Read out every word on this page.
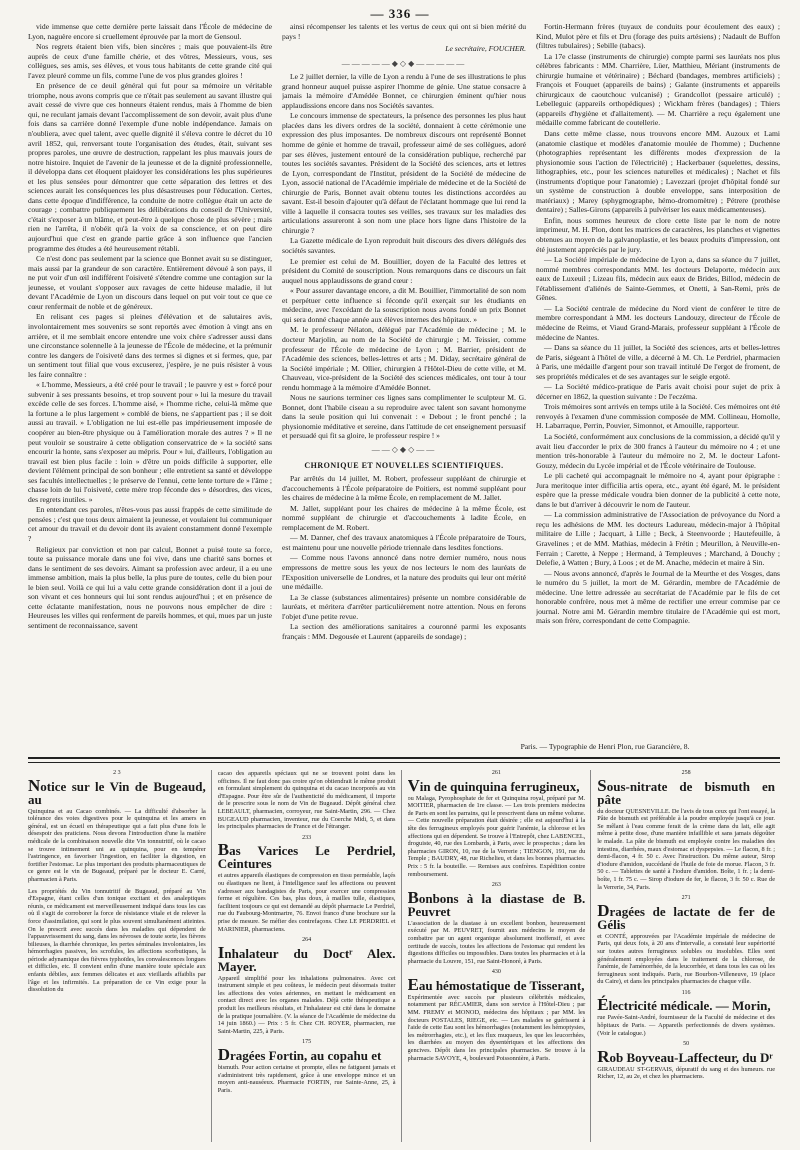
— 336 —

vide immense que cette dernière perte laissait dans l'École de médecine de Lyon, naguère encore si cruellement éprouvée par la mort de Gensoul.

Nos regrets étaient bien vifs, bien sincères ; mais que pouvaient-ils être auprès de ceux d'une famille chérie, et des vôtres, Messieurs, vous, ses collègues, ses amis, ses élèves, et vous tous habitants de cette grande cité qui l'avez pleuré comme un fils, comme l'une de vos plus grandes gloires !

En présence de ce deuil général qui fut pour sa mémoire un véritable triomphe, nous avons compris que ce n'était pas seulement au savant illustre qui avait cessé de vivre que ces honneurs étaient rendus, mais à l'homme de bien qui, ne reculant jamais devant l'accomplissement de son devoir, avait plus d'une fois dans sa carrière donné l'exemple d'une noble indépendance. Jamais on n'oubliera, avec quel talent, avec quelle dignité il s'éleva contre le décret du 10 avril 1852, qui, renversant toute l'organisation des études, était, suivant ses propres paroles, une œuvre de destruction, rappelant les plus mauvais jours de notre histoire. Inquiet de l'avenir de la jeunesse et de la dignité professionnelle, il développa dans cet éloquent plaidoyer les considérations les plus supérieures et les plus sensées pour démontrer que cette séparation des lettres et des sciences aurait les conséquences les plus désastreuses pour l'éducation. Certes, dans cette époque d'indifférence, la conduite de notre collègue était un acte de courage ; combattre publiquement les délibérations du conseil de l'Université, c'était s'exposer à un blâme, et peut-être à quelque chose de plus sévère ; mais rien ne l'arrêta, il n'obéit qu'à la voix de sa conscience, et on peut dire aujourd'hui que c'est en grande partie grâce à son influence que l'ancien programme des études a été heureusement rétabli.

Ce n'est donc pas seulement par la science que Bonnet avait su se distinguer, mais aussi par la grandeur de son caractère. Entièrement dévoué à son pays, il ne put voir d'un œil indifférent l'oisiveté s'étendre comme une contagion sur la jeunesse, et voulant s'opposer aux ravages de cette hideuse maladie, il lut devant l'Académie de Lyon un discours dans lequel on put voir tout ce que ce cœur renfermait de noble et de généreux.

En relisant ces pages si pleines d'élévation et de salutaires avis, involontairement mes souvenirs se sont reportés avec émotion à vingt ans en arrière, et il me semblait encore entendre une voix chère s'adresser aussi dans une circonstance solennelle à la jeunesse de l'École de médecine, et la prémunir contre les dangers de l'oisiveté dans des termes si dignes et si fermes, que, par un sentiment tout filial que vous excuserez, j'espère, je ne puis résister à vous les faire connaître :

« L'homme, Messieurs, a été créé pour le travail ; le pauvre y est » forcé pour subvenir à ses pressants besoins, et trop souvent pour » lui la mesure du travail excède celle de ses forces. L'homme aisé, » l'homme riche, celui-là même que la fortune a le plus largement » comblé de biens, ne s'appartient pas ; il se doit aussi au travail. » L'obligation ne lui est-elle pas impérieusement imposée de coopérer au bien-être physique ou à l'amélioration morale des autres ? » Il ne peut vouloir se soustraire à cette obligation conservatrice de » la société sans encourir la honte, sans s'exposer au mépris. Pour » lui, d'ailleurs, l'obligation au travail est bien plus facile : loin » d'être un poids difficile à supporter, elle devient l'élément principal de son bonheur ; elle entretient sa santé et développe ses facultés intellectuelles ; le préserve de l'ennui, cette lente torture de » l'âme ; chasse loin de lui l'oisiveté, cette mère trop féconde des » désordres, des vices, des regrets inutiles. »

En entendant ces paroles, n'êtes-vous pas aussi frappés de cette similitude de pensées ; c'est que tous deux aimaient la jeunesse, et voulaient lui communiquer cet amour du travail et du devoir dont ils avaient constamment donné l'exemple ?

Religieux par conviction et non par calcul, Bonnet a puisé toute sa force, toute sa puissance morale dans une foi vive, dans une charité sans bornes et dans le sentiment de ses devoirs. Aimant sa profession avec ardeur, il a eu une immense ambition, mais la plus belle, la plus pure de toutes, celle du bien pour le bien seul. Voilà ce qui lui a valu cette grande considération dont il a joui de son vivant et ces honneurs qui lui sont rendus aujourd'hui ; et en présence de cette éclatante manifestation, nous ne pouvons nous empêcher de dire : Heureuses les villes qui renferment de pareils hommes, et qui, mues par un juste sentiment de reconnaissance, savent

ainsi récompenser les talents et les vertus de ceux qui ont si bien mérité du pays !

Le secrétaire, FOUCHER.

—————◆◇◆—————

Le 2 juillet dernier, la ville de Lyon a rendu à l'une de ses illustrations le plus grand honneur auquel puisse aspirer l'homme de génie. Une statue consacre à jamais la mémoire d'Amédée Bonnet, ce chirurgien éminent qu'hier nous applaudissions encore dans nos Sociétés savantes.

Le concours immense de spectateurs, la présence des personnes les plus haut placées dans les divers ordres de la société, donnaient à cette cérémonie une expression des plus imposantes. De nombreux discours ont représenté Bonnet homme de génie et homme de travail, professeur aimé de ses collègues, adoré par ses élèves, justement entouré de la considération publique, recherché par toutes les sociétés savantes. Président de la Société des sciences, arts et lettres de Lyon, correspondant de l'Institut, président de la Société de médecine de Lyon, associé national de l'Académie impériale de médecine et de la Société de chirurgie de Paris, Bonnet avait obtenu toutes les distinctions accordées au savant. Est-il besoin d'ajouter qu'à défaut de l'éclatant hommage que lui rend la ville à laquelle il consacra toutes ses veilles, ses travaux sur les maladies des articulations assureront à son nom une place hors ligne dans l'histoire de la chirurgie ?

La Gazette médicale de Lyon reproduit huit discours des divers délégués des sociétés savantes.

Le premier est celui de M. Bouillier, doyen de la Faculté des lettres et président du Comité de souscription. Nous remarquons dans ce discours un fait auquel nous applaudissons de grand cœur :

« Pour assurer davantage encore, a dit M. Bouillier, l'immortalité de son nom et perpétuer cette influence si féconde qu'il exerçait sur les étudiants en médecine, avec l'excédant de la souscription nous avons fondé un prix Bonnet qui sera donné chaque année aux élèves internes des hôpitaux. »

M. le professeur Nélaton, délégué par l'Académie de médecine ; M. le docteur Marjolin, au nom de la Société de chirurgie ; M. Teissier, comme professeur de l'École de médecine de Lyon ; M. Barrier, président de l'Académie des sciences, belles-lettres et arts ; M. Diday, secrétaire général de la Société impériale ; M. Ollier, chirurgien à l'Hôtel-Dieu de cette ville, et M. Chauveau, vice-président de la Société des sciences médicales, ont tour à tour rendu hommage à la mémoire d'Amédée Bonnet.

Nous ne saurions terminer ces lignes sans complimenter le sculpteur M. G. Bonnet, dont l'habile ciseau a su reproduire avec talent son savant homonyme dans la seule position qui lui convenait : « Debout ; le front penché ; la physionomie méditative et sereine, dans l'attitude de cet enseignement persuasif et persuadé qui fit sa gloire, le professeur respire ! »

——◇◆◇——
CHRONIQUE ET NOUVELLES SCIENTIFIQUES.

Par arrêtés du 14 juillet, M. Robert, professeur suppléant de chirurgie et d'accouchements à l'École préparatoire de Poitiers, est nommé suppléant pour les chaires de médecine à la même École, en remplacement de M. Jallet.

M. Jallet, suppléant pour les chaires de médecine à la même École, est nommé suppléant de chirurgie et d'accouchements à ladite École, en remplacement de M. Robert.

— M. Danner, chef des travaux anatomiques à l'École préparatoire de Tours, est maintenu pour une nouvelle période triennale dans lesdites fonctions.

— Comme nous l'avons annoncé dans notre dernier numéro, nous nous empressons de mettre sous les yeux de nos lecteurs le nom des lauréats de l'Exposition universelle de Londres, et la nature des produits qui leur ont mérité une médaille.

La 3e classe (substances alimentaires) présente un nombre considérable de lauréats, et méritera d'arrêter particulièrement notre attention. Nous en ferons l'objet d'une petite revue.

La section des améliorations sanitaires a couronné parmi les exposants français : MM. Degousée et Laurent (appareils de sondage) ;

Fortin-Hermann frères (tuyaux de conduits pour écoulement des eaux) ; Kind, Mulot père et fils et Dru (forage des puits artésiens) ; Nadault de Buffon (filtres tubulaires) ; Sebille (tabacs).

La 17e classe (instruments de chirurgie) compte parmi ses lauréats nos plus célèbres fabricants : MM. Charrière, Lüer, Matthieu, Mériant (instruments de chirurgie humaine et vétérinaire) ; Béchard (bandages, membres artificiels) ; François et Fouquet (appareils de bains) ; Galante (instruments et appareils chirurgicaux de caoutchouc vulcanisé) ; Grandcollot (pessaire articulé) ; Lebelleguic (appareils orthopédiques) ; Wickham frères (bandages) ; Thiers (appareils d'hygiène et d'allaitement). — M. Charrière a reçu également une médaille comme fabricant de coutellerie.

Dans cette même classe, nous trouvons encore MM. Auzoux et Lami (anatomie clastique et modèles d'anatomie moulée de l'homme) ; Duchenne (photographies représentant les différents modes d'expression de la physionomie sous l'action de l'électricité) ; Hackerbauer (squelettes, dessins, lithographies, etc., pour les sciences naturelles et médicales) ; Nachet et fils (instruments d'optique pour l'anatomie) ; Lavezzari (projet d'hôpital fondé sur un système de construction à double enveloppe, sans interposition de matériaux) ; Marey (sphygmographe, hémo-dromomètre) ; Pétrere (prothèse dentaire) ; Salles-Girons (appareils à pulvériser les eaux médicamenteuses).

Enfin, nous sommes heureux de clore cette liste par le nom de notre imprimeur, M. H. Plon, dont les matrices de caractères, les planches et vignettes obtenues au moyen de la galvanoplastie, et les beaux produits d'impression, ont été justement appréciés par le jury.

— La Société impériale de médecine de Lyon a, dans sa séance du 7 juillet, nommé membres correspondants MM. les docteurs Delaporte, médecin aux eaux de Luxeuil ; Lizeau fils, médecin aux eaux de Brides, Billod, médecin de l'établissement d'aliénés de Sainte-Gemmes, et Onetti, à San-Remi, près de Gênes.

— La Société centrale de médecine du Nord vient de conférer le titre de membre correspondant à MM. les docteurs Landouzy, directeur de l'École de médecine de Reims, et Viaud Grand-Marais, professeur suppléant à l'École de médecine de Nantes.

— Dans sa séance du 11 juillet, la Société des sciences, arts et belles-lettres de Paris, siégeant à l'hôtel de ville, a décerné à M. Ch. Le Perdriel, pharmacien à Paris, une médaille d'argent pour son travail intitulé De l'ergot de froment, de ses propriétés médicales et de ses avantages sur le seigle ergoté.

— La Société médico-pratique de Paris avait choisi pour sujet de prix à décerner en 1862, la question suivante : De l'eczéma.

Trois mémoires sont arrivés en temps utile à la Société. Ces mémoires ont été renvoyés à l'examen d'une commission composée de MM. Collineau, Homolle, H. Labarraque, Perrin, Pouvier, Simonnot, et Amouille, rapporteur.

La Société, conformément aux conclusions de la commission, a décidé qu'il y avait lieu d'accorder le prix de 300 francs à l'auteur du mémoire no 4 ; et une mention très-honorable à l'auteur du mémoire no 2, M. le docteur Lafont-Gouzy, médecin du Lycée impérial et de l'École vétérinaire de Toulouse.

Le pli cacheté qui accompagnait le mémoire no 4, ayant pour épigraphe : Jura meritoque inter difficilia artis opera, etc., ayant été égaré, M. le président espère que la presse médicale voudra bien donner de la publicité à cette note, dans le but d'arriver à découvrir le nom de l'auteur.

— La commission administrative de l'Association de prévoyance du Nord a reçu les adhésions de MM. les docteurs Ladureau, médecin-major à l'hôpital militaire de Lille ; Jacquart, à Lille ; Beck, à Steenvoorde ; Hautefeuille, à Gravelines ; et de MM. Mathias, médecin à Frétin ; Meurillon, à Neuville-en-Ferrain ; Carette, à Neppe ; Hermand, à Templeuves ; Marchand, à Douchy ; Delefie, à Watten ; Bury, à Loos ; et de M. Anache, médecin et maire à Sin.

— Nous avons annoncé, d'après le Journal de la Meurthe et des Vosges, dans le numéro du 5 juillet, la mort de M. Gérardin, membre de l'Académie de médecine. Une lettre adressée au secrétariat de l'Académie par le fils de cet honorable confrère, nous met à même de rectifier une erreur commise par ce journal. Notre ami M. Gérardin membre titulaire de l'Académie qui est mort, mais son frère, correspondant de cette Compagnie.

Paris. — Typographie de Henri Plon, rue Garancière, 8.
2 3
Notice sur le Vin de Bugeaud, au

Quinquina et au Cacao combinés. — La difficulté d'absorber la tolérance des voies digestives pour le quinquina et les amers en général, est un écueil en thérapeutique qui a fait plus d'une fois le désespoir des praticiens. Nous devons l'introduction d'une la matière médicale de la combinaison nouvelle dite Vin tonnutritif, où le cacao se trouve intimement uni au quinquina, pour en tempérer l'astringence, en favoriser l'ingestion, en faciliter la digestion, en fortifier l'estomac. Le plus important des produits pharmaceutiques de ce genre est le vin de Bugeaud, préparé par le docteur E. Carré, pharmacien à Paris.

Les propriétés du Vin tonnutritif de Bugeaud, préparé au Vin d'Espagne, étant celles d'un tonique excitant et des analeptiques réunis, ce médicament est merveilleusement indiqué dans tous les cas où il s'agit de corroborer la force de résistance vitale et de relever la force d'assimilation, qui sont le plus souvent simultanément atteintes. On le prescrit avec succès dans les maladies qui dépendent de l'appauvrissement du sang, dans les névroses de toute sorte, les fièvres bilieuses, la diarrhée chronique, les pertes séminales involontaires, les hémorrhagies passives, les scrofules, les affections scorbutiques, la période adynamique des fièvres typhoïdes, les convalescences longues et difficiles, etc. Il convient enfin d'une manière toute spéciale aux enfants débiles, aux femmes délicates et aux vieillards affaiblis par l'âge et les infirmités. La préparation de ce Vin exige pour la dissolution du

cacao des appareils spéciaux qui ne se trouvent point dans les officines. Il ne faut donc pas croire qu'on obtiendrait le même produit en formulant simplement du quinquina et du cacao incorporés au vin d'Espagne. Pour être sûr de l'authenticité du médicament, il importe de le prescrire sous le nom de Vin de Bugeaud. Dépôt général chez LEBEAULT, pharmacien, corroyeur, rue Saint-Martin, 296. — Chez BUGEAUD pharmacien, inventeur, rue du Coerche Midi, 5, et dans les principales pharmacies de France et de l'étranger.

233
Bas Varices Le Perdriel, Ceintures

et autres appareils élastiques de compression en tissu perméable, laçés ou élastiques ne lient, à l'intelligence sauf les affections ou peuvent s'adresser aux bandagistes de Paris, pour exercer une compression ferme et régulière. Ces bas, plus doux, à mailles tulle, élastiques, facilitent toujours ce qui est demandé au dépôt pharmacie Le Perdriel, rue du Faubourg-Montmartre, 76. Envoi franco d'une brochure sur la prise de mesure. Se méfier des contrefaçons. Chez LE PERDRIEL et MARINIER, pharmaciens.

264
Inhalateur du Doctʳ Alex. Mayer.

Appareil simplifié pour les inhalations pulmonaires. Avec cet instrument simple et peu coûteux, le médecin peut désormais traiter les affections des voies aériennes, en mettant le médicament en contact direct avec les organes malades. Déjà cette thérapeutique a produit les meilleurs résultats, et l'inhalateur est cité dans le domaine de la pratique journalière. (V. la séance de l'Académie de médecine du 14 juin 1860.) — Prix : 5 fr. Chez CH. ROYER, pharmacien, rue Saint-Martin, 225, à Paris.

175
Dragées Fortin, au copahu et

bismuth. Pour action certaine et prompte, elles ne fatiguent jamais et s'administrent très rapidement, grâce à une enveloppe mince et un moyen anti-nauséeux. Pharmacie FORTIN, rue Sainte-Anne, 25, à Paris.

261
Vin de quinquina ferrugineux,

ou Malaga, Pyrophosphate de fer et Quinquina royal, préparé par M. MOITIER, pharmacien de 1re classe. — Les trois premiers médecins de Paris en sont les parrains, qui le prescrivent dans un même volume. — Cette nouvelle préparation était désirée ; elle est aujourd'hui à la tête des ferrugineux employés pour guérir l'anémie, la chlorose et les affections qui en dépendent. Se trouve à l'Entrepôt, chez LABENCEL, droguiste, 40, rue des Lombards, à Paris, avec le prospectus ; dans les pharmacies GIRON, 10, rue de la Verrerie ; TIENGON, 191, rue du Temple ; BAUDRY, 48, rue Richelieu, et dans les bonnes pharmacies. Prix : 5 fr. la bouteille. — Remises aux confrères. Expédition contre remboursement.

263
Bonbons à la diastase de B. Peuvret

L'association de la diastase à un excellent bonbon, heureusement exécuté par M. PEUVRET, fournit aux médecins le moyen de combattre par un agent organique absolument inoffensif, et avec certitude de succès, toutes les affections de l'estomac qui rendent les digestions difficiles ou impossibles. Dans toutes les pharmacies et à la pharmacie du Louvre, 151, rue Saint-Honoré, à Paris.

430
Eau hémostatique de Tisserant,

Expérimentée avec succès par plusieurs célébrités médicales, notamment par RÉCAMIER, dans son service à l'Hôtel-Dieu ; par MM. FREMY et MONOD, médecins des hôpitaux ; par MM. les docteurs POSTALES, RIEGE, etc. — Les malades se guérissent à l'aide de cette Eau sont les hémorrhagies (notamment les hémoptysies, les métrorrhagies, etc.), et les flux muqueux, les que les leucorrhées, les diarrhées au moyen des dysentériques et les affections des gencives. Dépôt dans les principales pharmacies. Se trouve à la pharmacie SAVOYE, 4, boulevard Poissonnière, à Paris.

258
Sous-nitrate de bismuth en pâte

du docteur QUESNEVILLE. De l'avis de tous ceux qui l'ont essayé, la Pâte de bismuth est préférable à la poudre employée jusqu'à ce jour. Se mêlant à l'eau comme ferait de la crème dans du lait, elle agit même à petite dose, d'une manière infaillible et sans jamais dégoûter le malade. La pâte de bismuth est employée contre les maladies des intestins, diarrhées, maux d'estomac et dyspepsies. — Le flacon, 8 fr. ; demi-flacon, 4 fr. 50 c. Avec l'instruction. Du même auteur, Sirop d'iodure d'amidon, succédané de l'huile de foie de morue. Flacon, 3 fr. 50 c. — Tablettes de santé à l'iodure d'amidon. Boîte, 1 fr. ; la demi-boîte, 1 fr. 75 c. — Sirop d'iodure de fer, le flacon, 3 fr. 50 c. Rue de la Verrerie, 34, Paris.

271
Dragées de lactate de fer de Gélis

et CONTÉ, approuvées par l'Académie impériale de médecine de Paris, qui deux fois, à 20 ans d'intervalle, a constaté leur supériorité sur toutes autres ferrugineux solubles ou insolubles. Elles sont généralement employées dans le traitement de la chlorose, de l'anémie, de l'aménorrhée, de la leucorrhée, et dans tous les cas où les ferrugineux sont indiqués. Paris, rue Bourbon-Villeneuve, 19 (place du Caire), et dans les principales pharmacies de chaque ville.

116
Électricité médicale. — Morin,

rue Pavée-Saint-André, fournisseur de la Faculté de médecine et des hôpitaux de Paris. — Appareils perfectionnés de divers systèmes. (Voir le catalogue.)

50
Rob Boyveau-Laffecteur, du Dʳ

GIRAUDEAU ST-GERVAIS, dépuratif du sang et des humeurs. rue Richer, 12, au 2e, et chez les pharmaciens.
